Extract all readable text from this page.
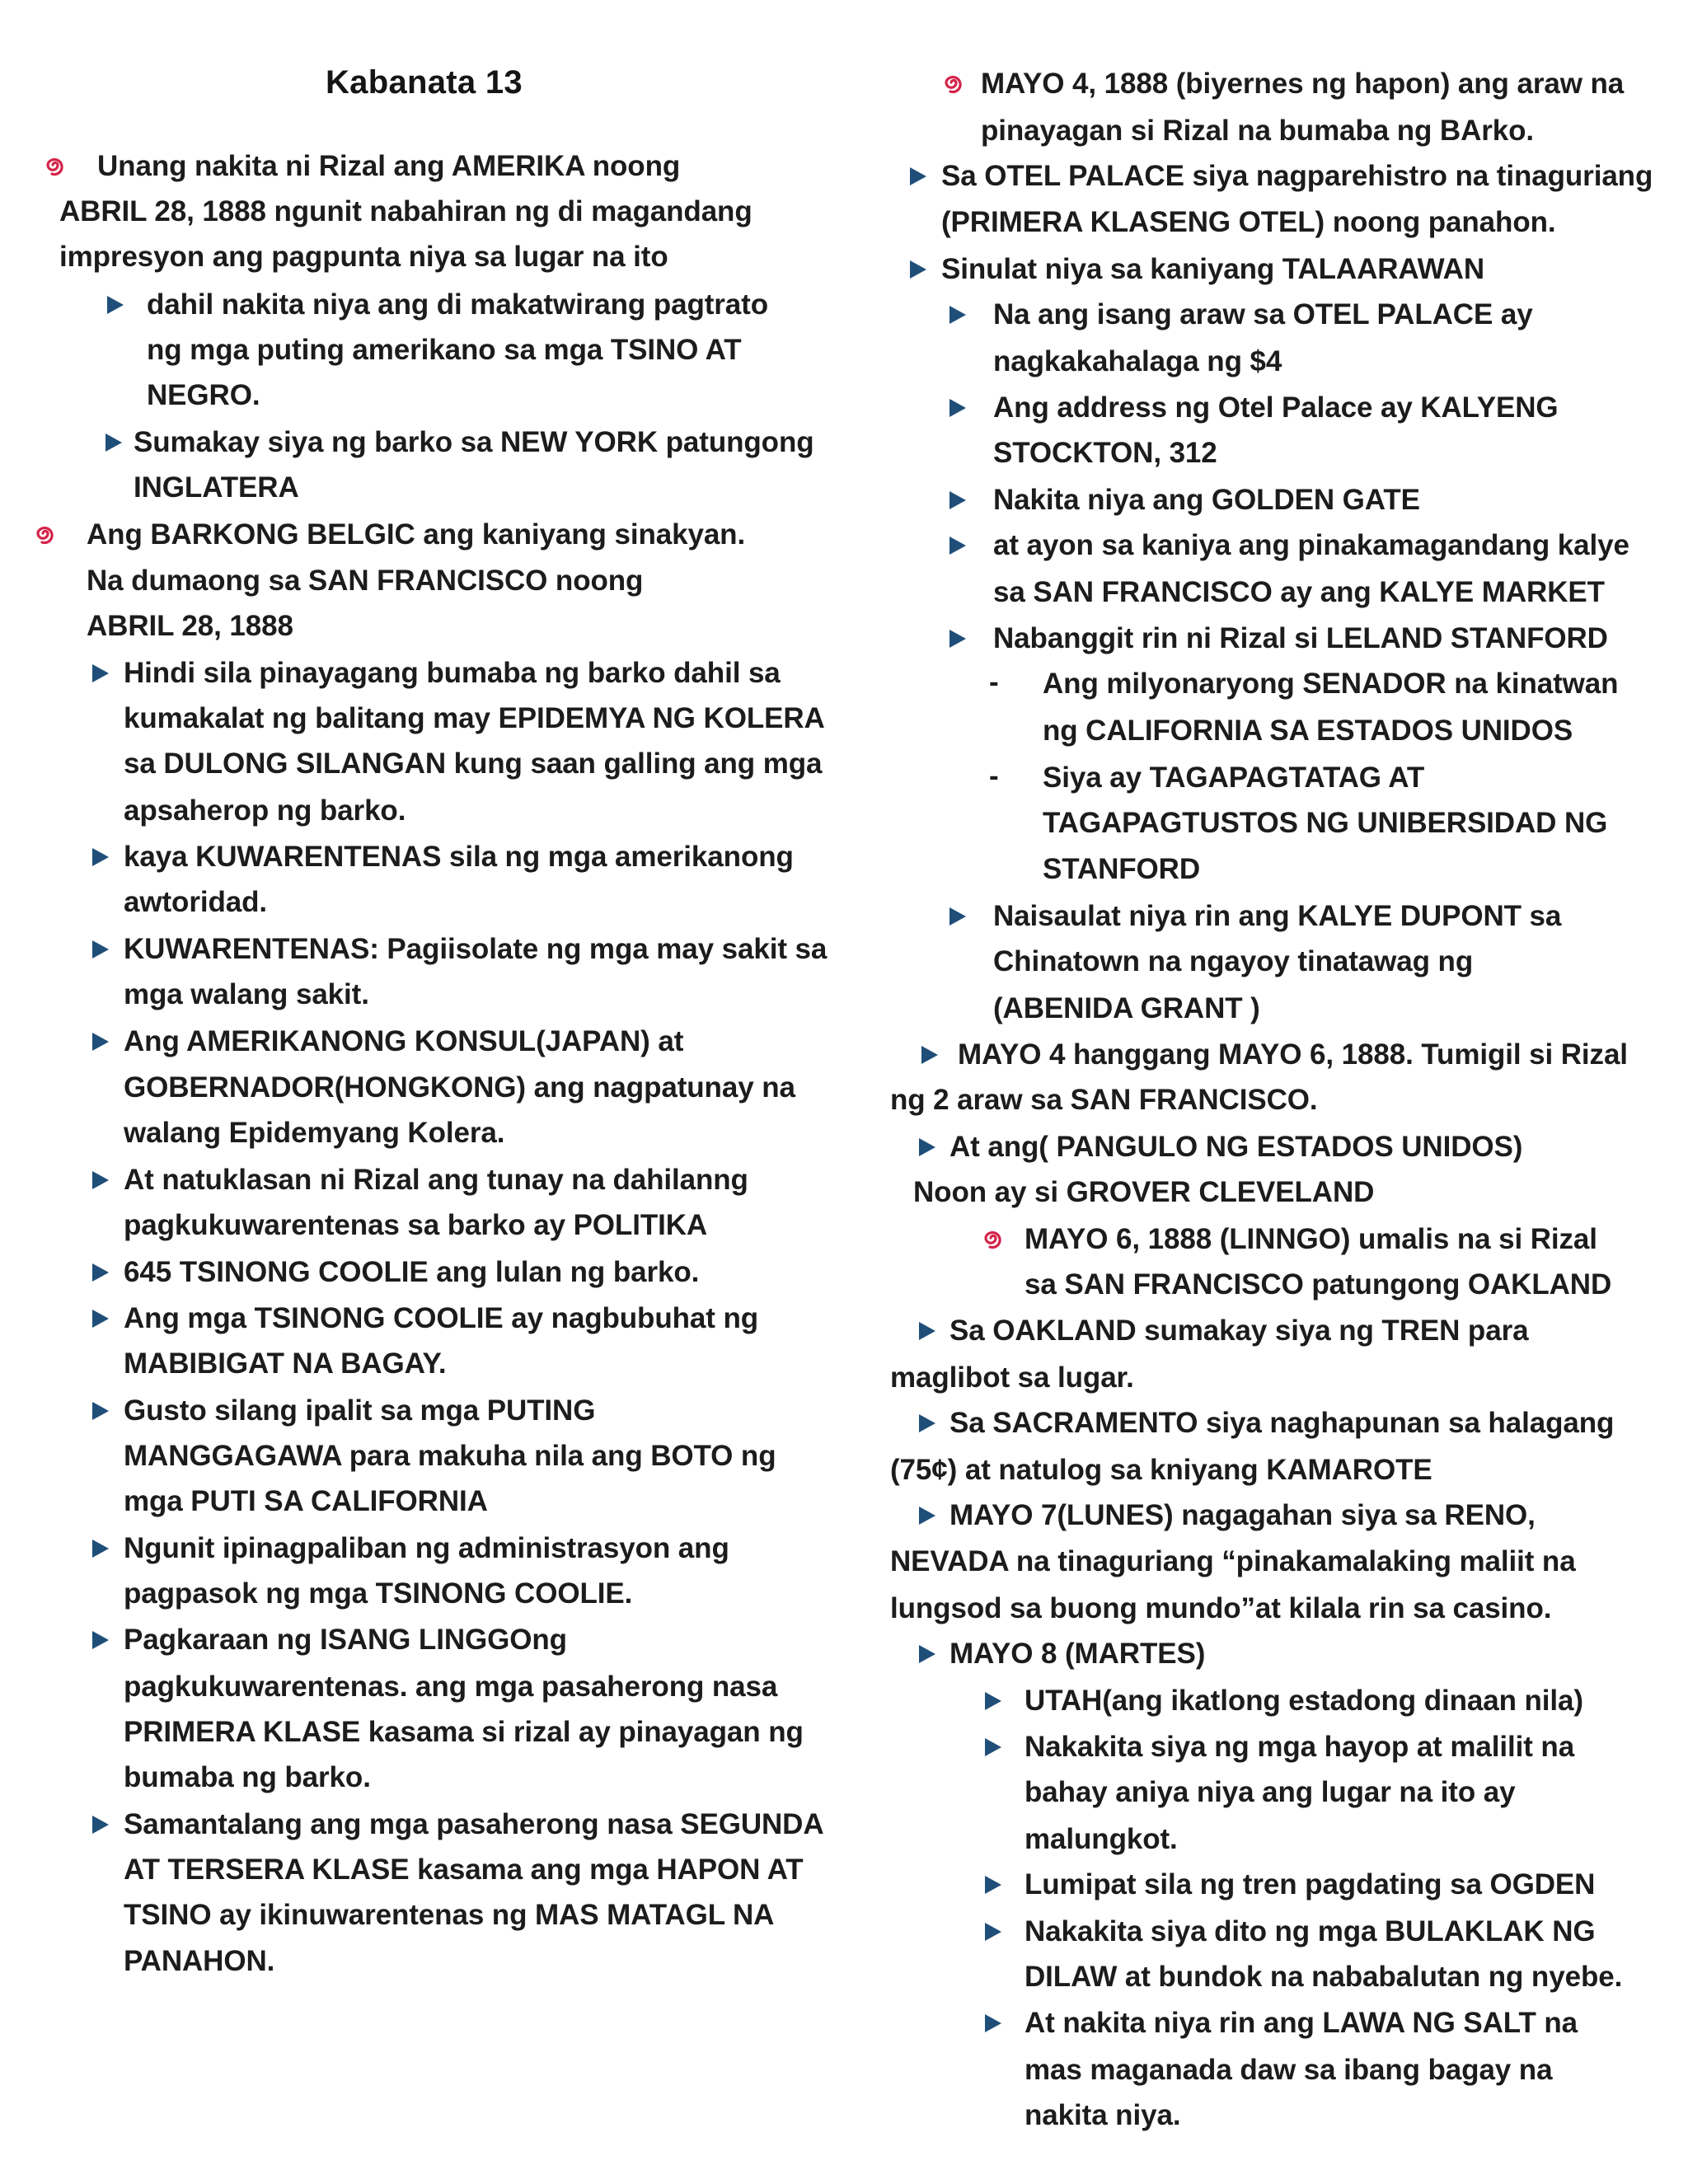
Kabanata 13
Unang nakita ni Rizal ang AMERIKA noong
ABRIL 28, 1888 ngunit nabahiran ng di magandang
impresyon ang pagpunta niya sa lugar na ito
dahil nakita niya ang di makatwirang pagtrato
ng mga puting amerikano sa mga TSINO AT
NEGRO.
Sumakay siya ng barko sa NEW YORK patungong
INGLATERA
Ang BARKONG BELGIC ang kaniyang sinakyan.
Na dumaong sa SAN FRANCISCO noong
ABRIL 28, 1888
Hindi sila pinayagang bumaba ng barko dahil sa
kumakalat ng balitang may EPIDEMYA NG KOLERA
sa DULONG SILANGAN kung saan galling ang mga
apsaherop ng barko.
kaya KUWARENTENAS sila ng mga amerikanong
awtoridad.
KUWARENTENAS: Pagiisolate ng mga may sakit sa
mga walang sakit.
Ang AMERIKANONG KONSUL(JAPAN) at
GOBERNADOR(HONGKONG) ang nagpatunay na
walang Epidemyang Kolera.
At natuklasan ni Rizal ang tunay na dahilanng
pagkukuwarentenas sa barko ay POLITIKA
645 TSINONG COOLIE ang lulan ng barko.
Ang mga TSINONG COOLIE ay nagbubuhat ng
MABIBIGAT NA BAGAY.
Gusto silang ipalit sa mga PUTING
MANGGAGAWA para makuha nila ang BOTO ng
mga PUTI SA CALIFORNIA
Ngunit ipinagpaliban ng administrasyon ang
pagpasok ng mga TSINONG COOLIE.
Pagkaraan ng ISANG LINGGOng
pagkukuwarentenas. ang mga pasaherong nasa
PRIMERA KLASE kasama si rizal ay pinayagan ng
bumaba ng barko.
Samantalang ang mga pasaherong nasa SEGUNDA
AT TERSERA KLASE kasama ang mga HAPON AT
TSINO ay ikinuwarentenas ng MAS MATAGL NA
PANAHON.
MAYO 4, 1888 (biyernes ng hapon) ang araw na
pinayagan si Rizal na bumaba ng BArko.
Sa OTEL PALACE siya nagparehistro na tinaguriang
(PRIMERA KLASENG OTEL) noong panahon.
Sinulat niya sa kaniyang TALAARAWAN
Na ang isang araw sa OTEL PALACE ay
nagkakahalaga ng $4
Ang address ng Otel Palace ay KALYENG
STOCKTON, 312
Nakita niya ang GOLDEN GATE
at ayon sa kaniya ang pinakamagandang kalye
sa SAN FRANCISCO ay ang KALYE MARKET
Nabanggit rin ni Rizal si LELAND STANFORD
Ang milyonaryong SENADOR na kinatwan
-
ng CALIFORNIA SA ESTADOS UNIDOS
Siya ay TAGAPAGTATAG AT
-
TAGAPAGTUSTOS NG UNIBERSIDAD NG
STANFORD
Naisaulat niya rin ang KALYE DUPONT sa
Chinatown na ngayoy tinatawag ng
(ABENIDA GRANT )
MAYO 4 hanggang MAYO 6, 1888. Tumigil si Rizal
ng 2 araw sa SAN FRANCISCO.
At ang( PANGULO NG ESTADOS UNIDOS)
Noon ay si GROVER CLEVELAND
MAYO 6, 1888 (LINNGO) umalis na si Rizal
sa SAN FRANCISCO patungong OAKLAND
Sa OAKLAND sumakay siya ng TREN para
maglibot sa lugar.
Sa SACRAMENTO siya naghapunan sa halagang
(75¢) at natulog sa kniyang KAMAROTE
MAYO 7(LUNES) nagagahan siya sa RENO,
NEVADA na tinaguriang “pinakamalaking maliit na
lungsod sa buong mundo”at kilala rin sa casino.
MAYO 8 (MARTES)
UTAH(ang ikatlong estadong dinaan nila)
Nakakita siya ng mga hayop at malilit na
bahay aniya niya ang lugar na ito ay
malungkot.
Lumipat sila ng tren pagdating sa OGDEN
Nakakita siya dito ng mga BULAKLAK NG
DILAW at bundok na nababalutan ng nyebe.
At nakita niya rin ang LAWA NG SALT na
mas maganada daw sa ibang bagay na
nakita niya.
